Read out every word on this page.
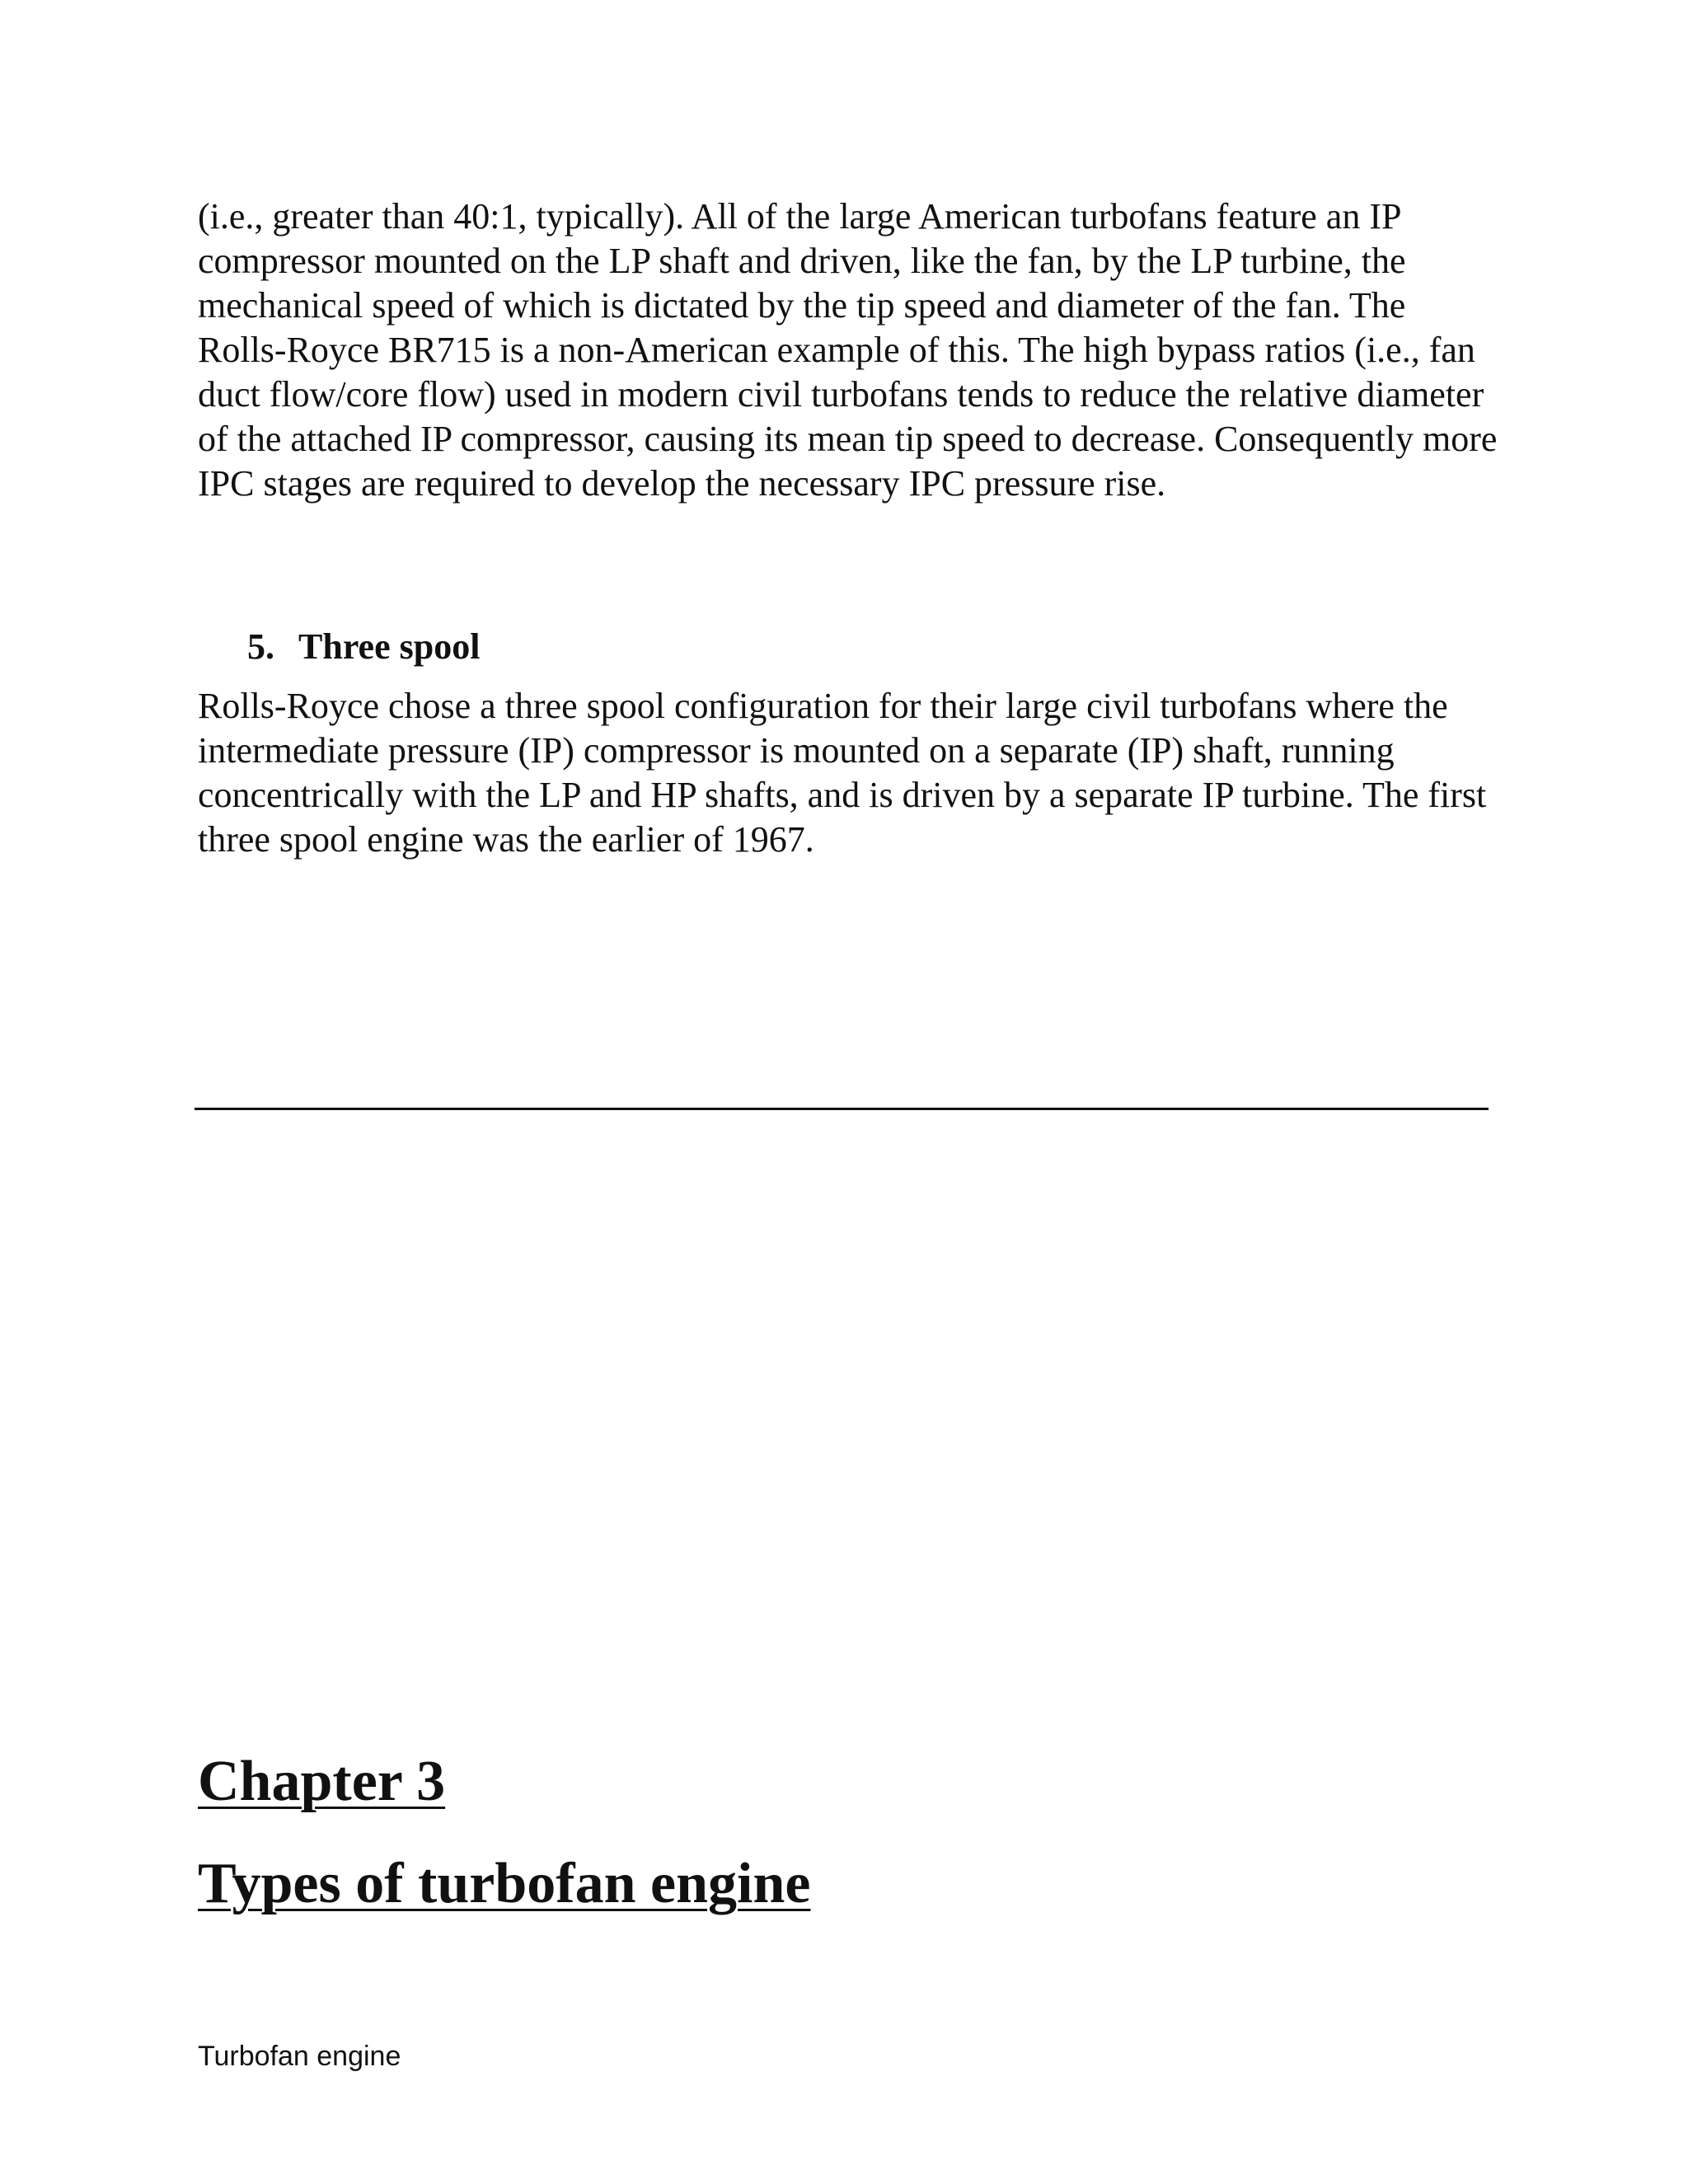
(i.e., greater than 40:1, typically). All of the large American turbofans feature an IP compressor mounted on the LP shaft and driven, like the fan, by the LP turbine, the mechanical speed of which is dictated by the tip speed and diameter of the fan. The Rolls-Royce BR715 is a non-American example of this. The high bypass ratios (i.e., fan duct flow/core flow) used in modern civil turbofans tends to reduce the relative diameter of the attached IP compressor, causing its mean tip speed to decrease. Consequently more IPC stages are required to develop the necessary IPC pressure rise.

5. Three spool

Rolls-Royce chose a three spool configuration for their large civil turbofans where the intermediate pressure (IP) compressor is mounted on a separate (IP) shaft, running concentrically with the LP and HP shafts, and is driven by a separate IP turbine. The first three spool engine was the earlier of 1967.

Chapter 3
Types of turbofan engine

Turbofan engine
